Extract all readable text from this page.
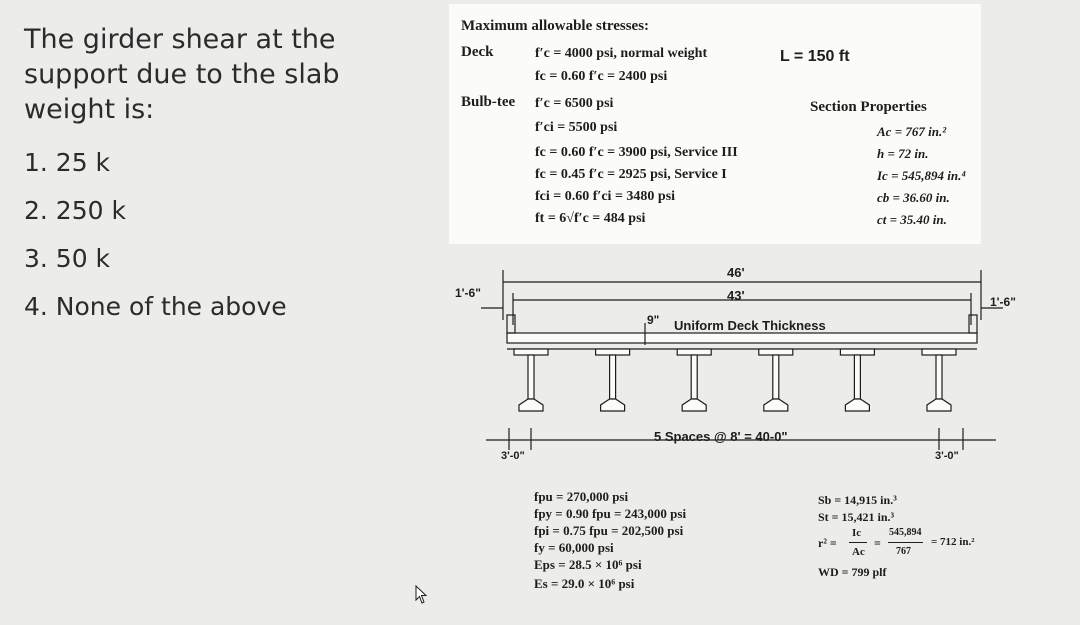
The girder shear at the
support due to the slab
weight is:
1. 25 k
2. 250 k
3. 50 k
4. None of the above
Maximum allowable stresses:
Deck	f′c = 4000 psi, normal weight
fc = 0.60 f′c = 2400 psi
L = 150 ft
Bulb-tee f′c = 6500 psi
f′ci = 5500 psi
fc = 0.60 f′c = 3900 psi, Service III
fc = 0.45 f′c = 2925 psi, Service I
fci = 0.60 f′ci = 3480 psi
ft = 6√f′c = 484 psi
Section Properties
Ac = 767 in.²
h = 72 in.
Ic = 545,894 in.⁴
cb = 36.60 in.
ct = 35.40 in.
46'
43'
1'-6"
1'-6"
9" Uniform Deck Thickness
5 Spaces @ 8' = 40-0"
3'-0"	3'-0"
fpu = 270,000 psi
fpy = 0.90 fpu = 243,000 psi
fpi = 0.75 fpu = 202,500 psi
fy = 60,000 psi
Eps = 28.5 × 10⁶ psi
Es = 29.0 × 10⁶ psi
Sb = 14,915 in.³
St = 15,421 in.³
r² =
Ic
Ac
=
545,894
767
= 712 in.²
WD = 799 plf
